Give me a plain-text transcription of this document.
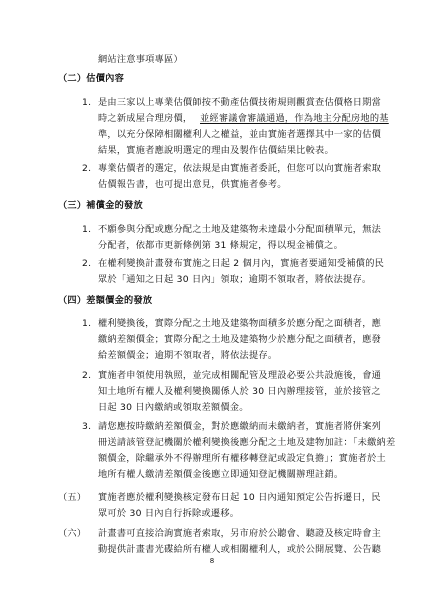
網站注意事項專區）
（二）估價內容
1. 是由三家以上專業估價師按不動產估價技術規則觀賞查估價格日期當
時之新成屋合理房價， 並經審議會審議通過，作為地主分配房地的基
準，以充分保障相關權利人之權益，並由實施者選擇其中一家的估價
結果，實施者應說明選定的理由及製作估價結果比較表。
2. 專業估價者的選定，依法規是由實施者委託，但您可以向實施者索取
估價報告書，也可提出意見，供實施者參考。
（三）補償金的發放
1. 不願參與分配或應分配之土地及建築物未達最小分配面積單元，無法
分配者，依都市更新條例第 31 條規定，得以現金補償之。
2. 在權利變換計畫發布實施之日起 2 個月內，實施者要通知受補償的民
眾於「通知之日起 30 日內」領取；逾期不領取者，將依法提存。
（四）差額價金的發放
1. 權利變換後，實際分配之土地及建築物面積多於應分配之面積者，應
繳納差額價金；實際分配之土地及建築物少於應分配之面積者，應發
給差額價金；逾期不領取者，將依法提存。
2. 實施者申領使用執照，並完成相關配管及理設必要公共設施後，會通
知土地所有權人及權利變換關係人於 30 日內辦理接管，並於接管之
日起 30 日內繳納或領取差額價金。
3. 請您應按時繳納差額價金，對於應繳納而未繳納者，實施者將併案列
冊送請該管登記機關於權利變換後應分配之土地及建物加註：「未繳納差
額價金，除繼承外不得辦理所有權移轉登記或設定負擔」；實施者於土
地所有權人繳清差額價金後應立即通知登記機關辦理註銷。
（五） 實施者應於權利變換核定發布日起 10 日內通知預定公告拆遷日，民
眾可於 30 日內自行拆除或遷移。
（六） 計畫書可直接洽詢實施者索取，另市府於公聽會、聽證及核定時會主
動提供計畫書光碟給所有權人或相關權利人，或於公開展覽、公告聽
8
